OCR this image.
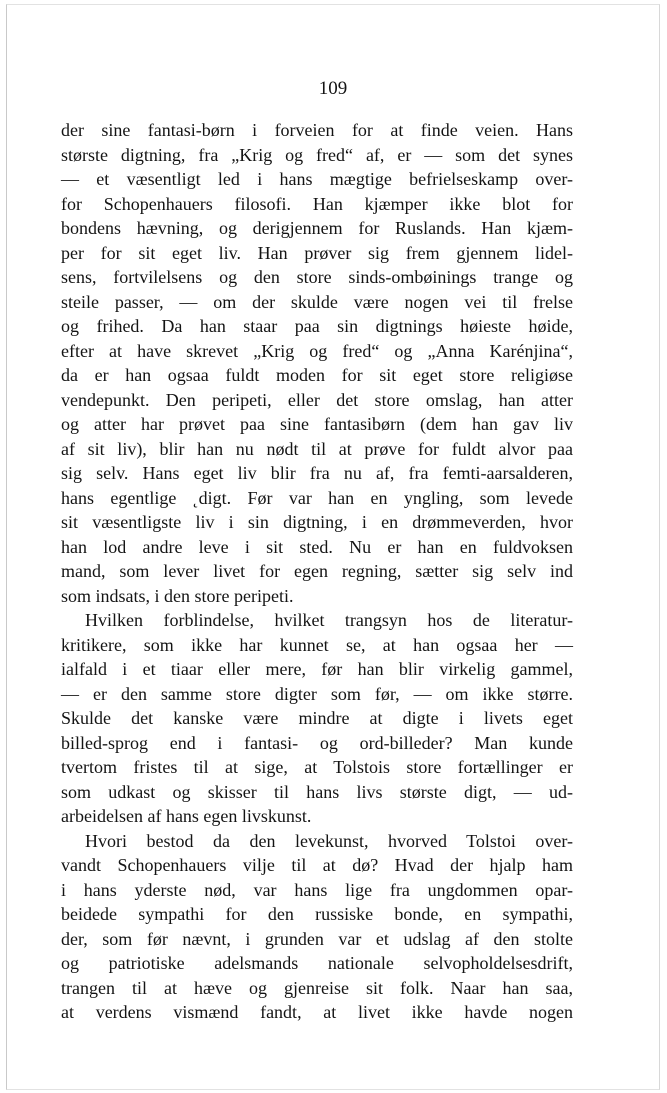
109
der sine fantasi-børn i forveien for at finde veien. Hans
største digtning, fra „Krig og fred“ af, er — som det synes
— et væsentligt led i hans mægtige befrielseskamp over-
for Schopenhauers filosofi. Han kjæmper ikke blot for
bondens hævning, og derigjennem for Ruslands. Han kjæm-
per for sit eget liv. Han prøver sig frem gjennem lidel-
sens, fortvilelsens og den store sinds-ombøinings trange og
steile passer, — om der skulde være nogen vei til frelse
og frihed. Da han staar paa sin digtnings høieste høide,
efter at have skrevet „Krig og fred“ og „Anna Karénjina“,
da er han ogsaa fuldt moden for sit eget store religiøse
vendepunkt. Den peripeti, eller det store omslag, han atter
og atter har prøvet paa sine fantasibørn (dem han gav liv
af sit liv), blir han nu nødt til at prøve for fuldt alvor paa
sig selv. Hans eget liv blir fra nu af, fra femti-aarsalderen,
hans egentlige ˛digt. Før var han en yngling, som levede
sit væsentligste liv i sin digtning, i en drømmeverden, hvor
han lod andre leve i sit sted. Nu er han en fuldvoksen
mand, som lever livet for egen regning, sætter sig selv ind
som indsats, i den store peripeti.
Hvilken forblindelse, hvilket trangsyn hos de literatur-
kritikere, som ikke har kunnet se, at han ogsaa her —
ialfald i et tiaar eller mere, før han blir virkelig gammel,
— er den samme store digter som før, — om ikke større.
Skulde det kanske være mindre at digte i livets eget
billed-sprog end i fantasi- og ord-billeder? Man kunde
tvertom fristes til at sige, at Tolstois store fortællinger er
som udkast og skisser til hans livs største digt, — ud-
arbeidelsen af hans egen livskunst.
Hvori bestod da den levekunst, hvorved Tolstoi over-
vandt Schopenhauers vilje til at dø? Hvad der hjalp ham
i hans yderste nød, var hans lige fra ungdommen opar-
beidede sympathi for den russiske bonde, en sympathi,
der, som før nævnt, i grunden var et udslag af den stolte
og patriotiske adelsmands nationale selvopholdelsesdrift,
trangen til at hæve og gjenreise sit folk. Naar han saa,
at verdens vismænd fandt, at livet ikke havde nogen
